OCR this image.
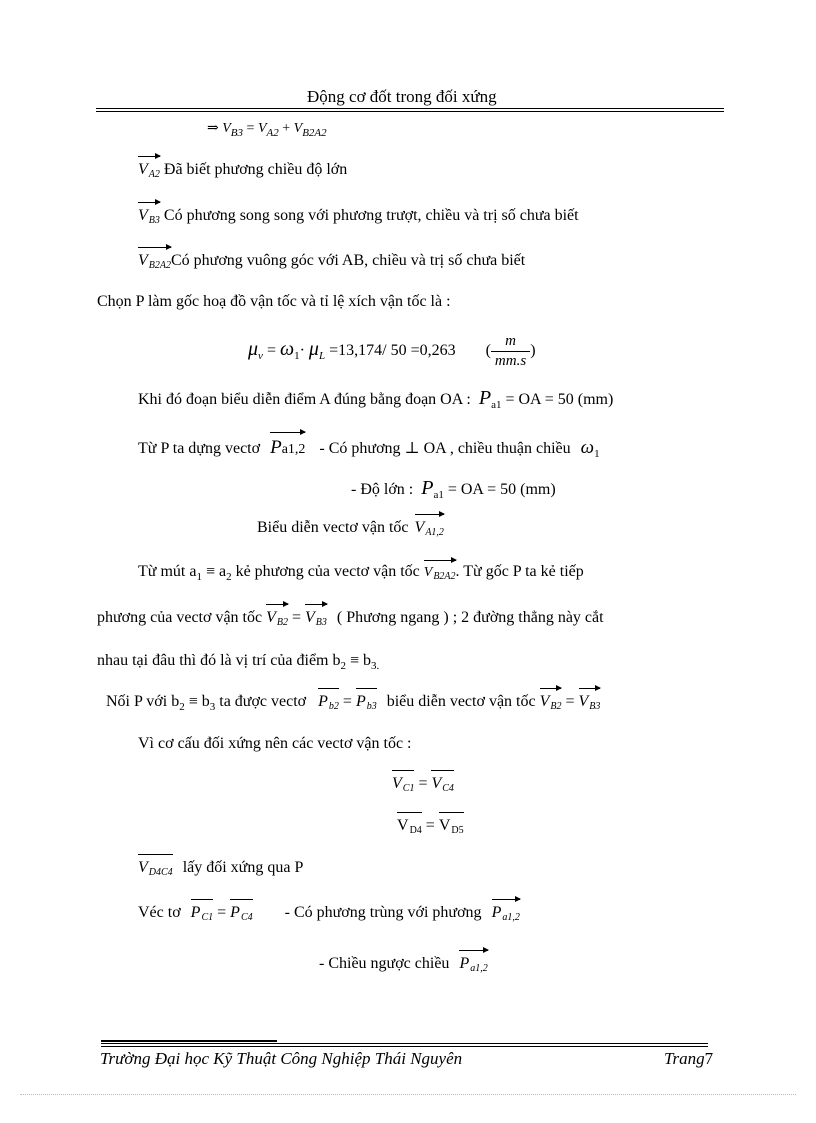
Động cơ đốt trong đối xứng
⇒ $V_{B3} = V_{A2} + V_{B2A2}$
$V_{A2}$ Đã biết phương chiều độ lớn
$V_{B3}$ Có phương song song với phương trượt, chiều và trị số chưa biết
$V_{B2A2}Có$ phương vuông góc với AB, chiều và trị số chưa biết
Chọn P làm gốc hoạ đồ vận tốc và tỉ lệ xích vận tốc là :
$\mu_v = \omega_1\cdot \mu_L =13,174/$ 50 =0,263 ( $\frac{m}{mm.s}$ )
Khi đó đoạn biểu diễn điểm A đúng bằng đoạn OA : $P_{a1}$ = OA = 50 (mm)
Từ P ta dựng vectơ Pa1,2 - Có phương ⊥ OA , chiều thuận chiều $\omega_1$
- Độ lớn : $P_{a1}$ = OA = 50 (mm)
Biểu diễn vectơ vận tốc $V_{A1,2}$
Từ mút $a_1 \equiv a_2$ kẻ phương của vectơ vận tốc $V_{B2A2}$. Từ gốc P ta kẻ tiếp
phương của vectơ vận tốc $V_{B2} = V_{B3}$ ( Phương ngang ) ; 2 đường thẳng này cắt
nhau tại đâu thì đó là vị trí của điểm $b_2 \equiv b_{3.}$
Nối P với $b_2 \equiv b_3$ ta được vectơ $P_{b2} = P_{b3}$ biểu diễn vectơ vận tốc $V_{B2} = V_{B3}$
Vì cơ cấu đối xứng nên các vectơ vận tốc :
$V_{C1} = V_{C4}$
$V_{D4} = V_{D5}$
$V_{D4C4}$ lấy đối xứng qua P
Véc tơ $P_{C1} = P_{C4}$ - Có phương trùng với phương $P_{a1,2}$
- Chiều ngược chiều $P_{a1,2}$
Trường Đại học Kỹ Thuật Công Nghiệp Thái Nguyên	Trang7
